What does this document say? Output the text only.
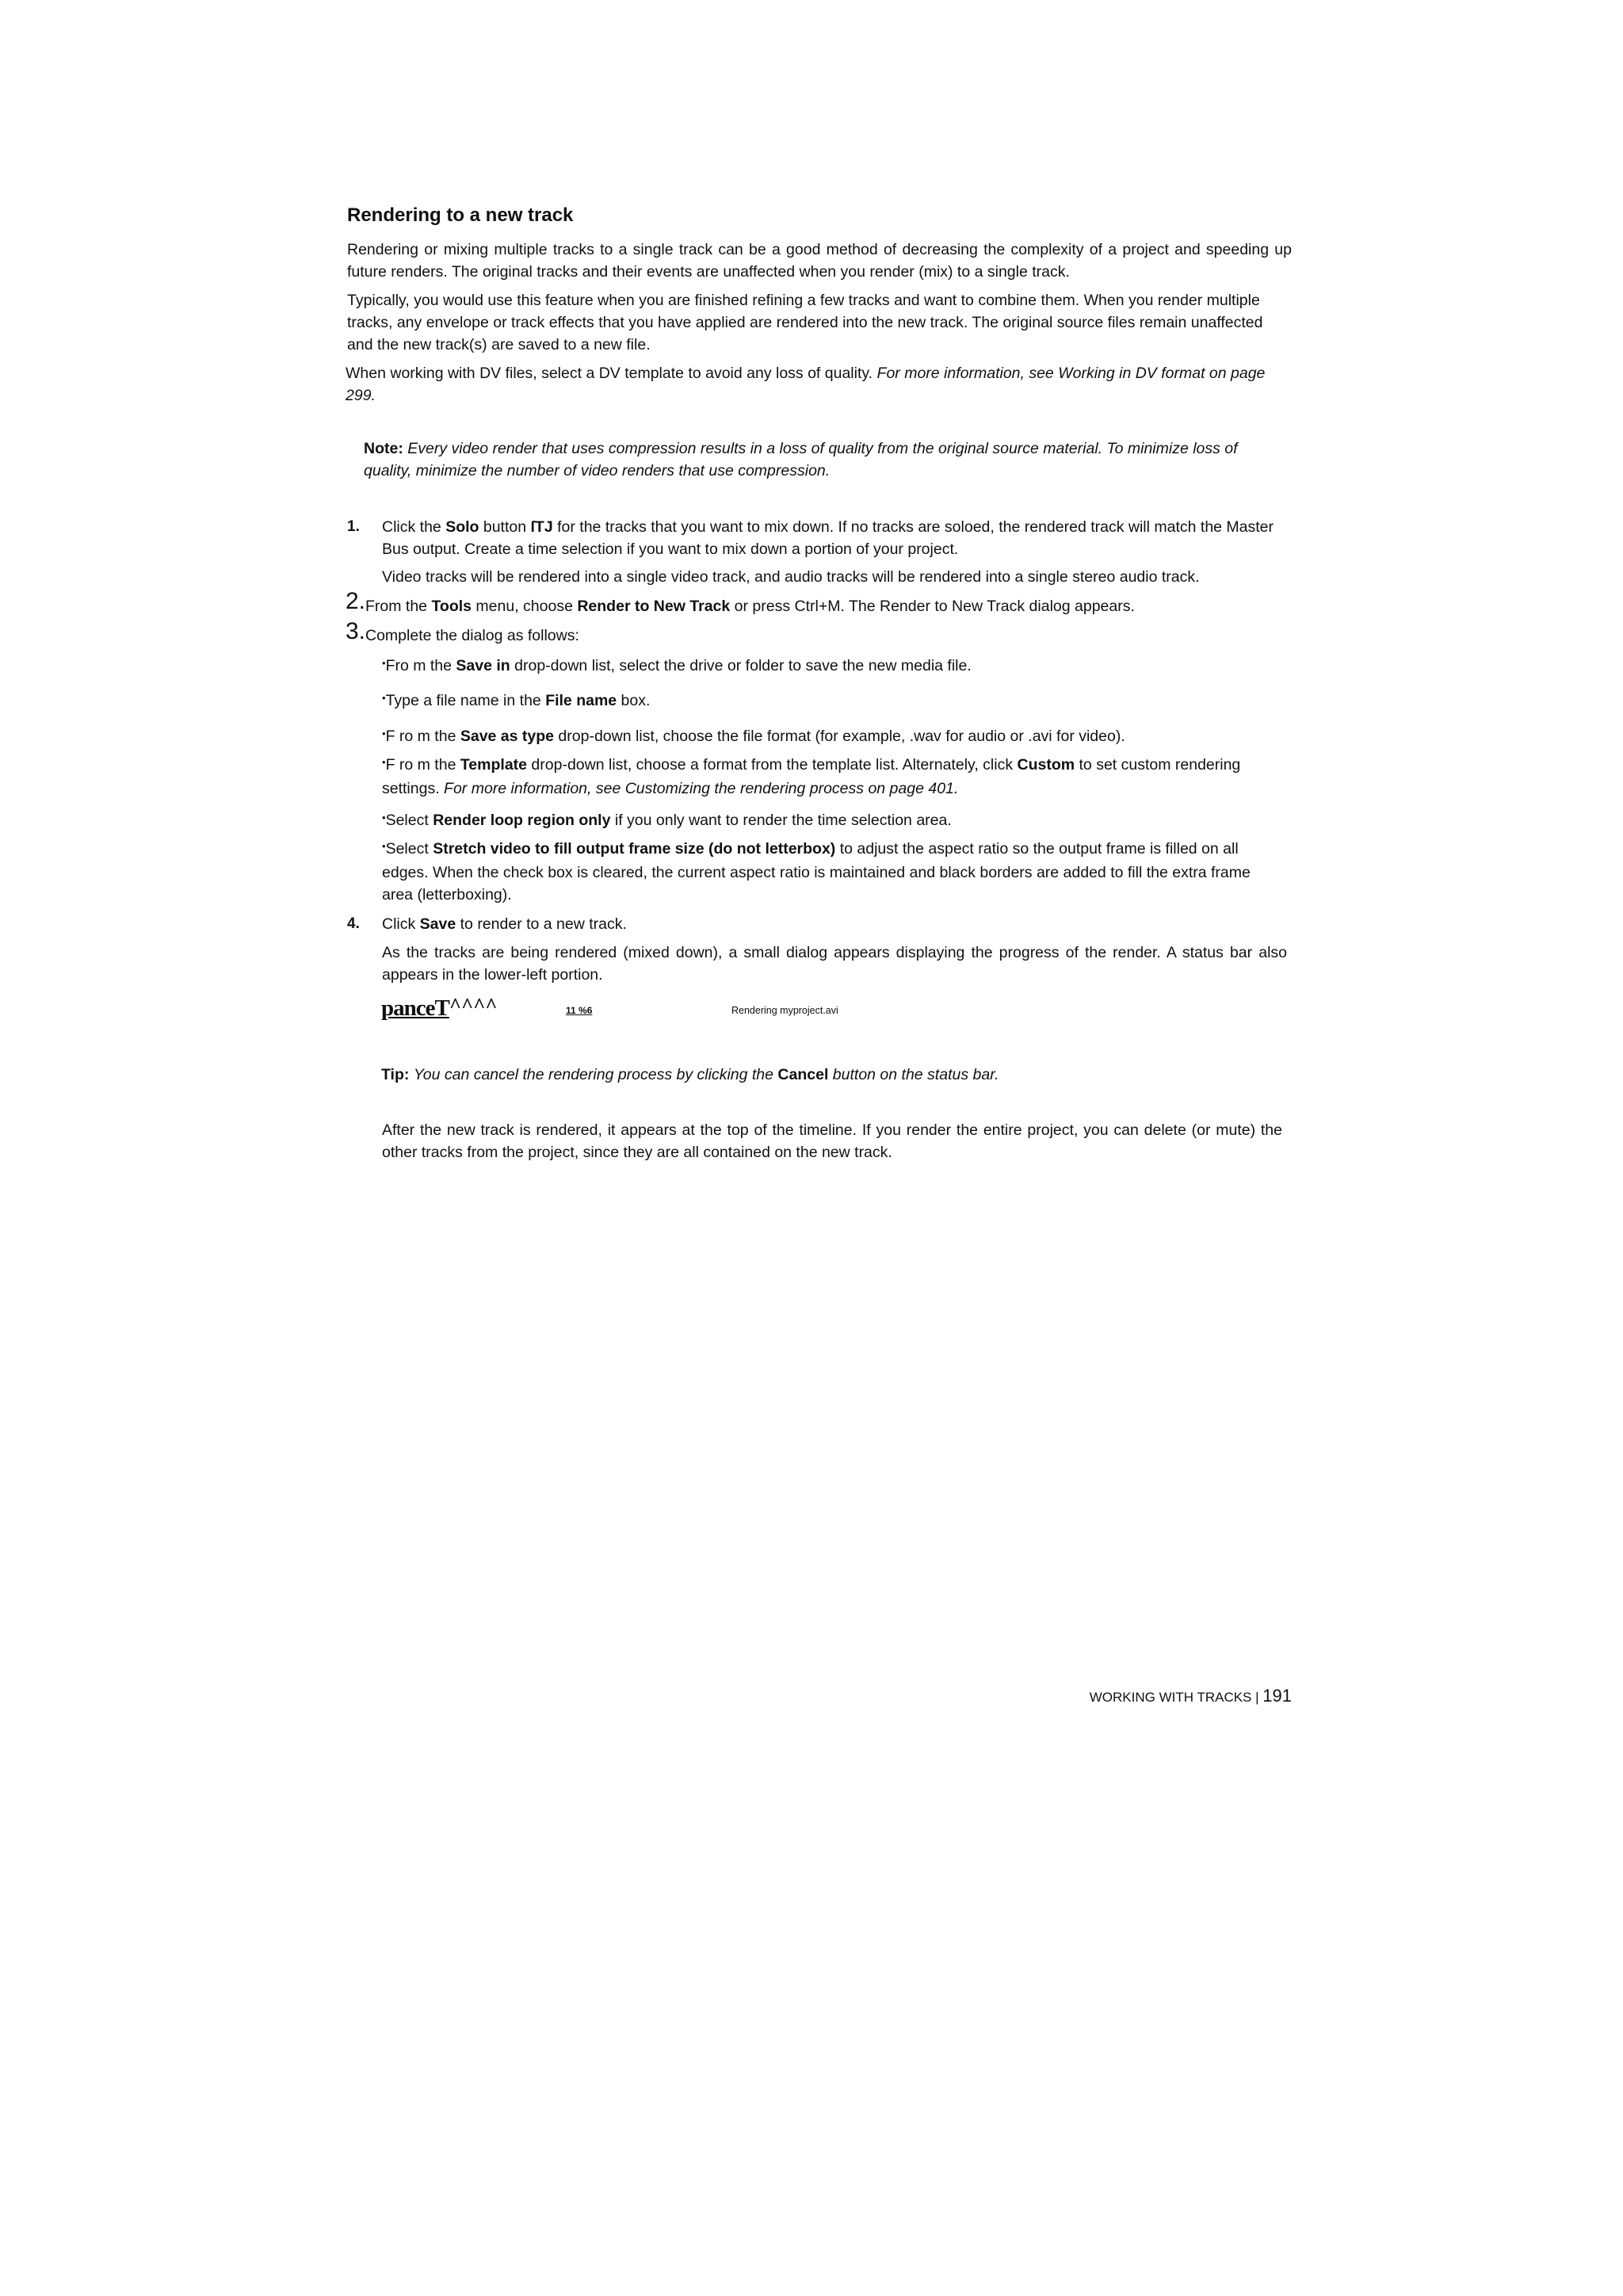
Rendering to a new track
Rendering or mixing multiple tracks to a single track can be a good method of decreasing the complexity of a project and speeding up future renders. The original tracks and their events are unaffected when you render (mix) to a single track.
Typically, you would use this feature when you are finished refining a few tracks and want to combine them. When you render multiple tracks, any envelope or track effects that you have applied are rendered into the new track. The original source files remain unaffected and the new track(s) are saved to a new file.
When working with DV files, select a DV template to avoid any loss of quality. For more information, see Working in DV format on page 299.
Note: Every video render that uses compression results in a loss of quality from the original source material. To minimize loss of quality, minimize the number of video renders that use compression.
1. Click the Solo button ſTJ for the tracks that you want to mix down. If no tracks are soloed, the rendered track will match the Master Bus output. Create a time selection if you want to mix down a portion of your project.
Video tracks will be rendered into a single video track, and audio tracks will be rendered into a single stereo audio track.
2. From the Tools menu, choose Render to New Track or press Ctrl+M. The Render to New Track dialog appears.
3. Complete the dialog as follows:
•Fro m the Save in drop-down list, select the drive or folder to save the new media file.
•Type a file name in the File name box.
•F ro m the Save as type drop-down list, choose the file format (for example, .wav for audio or .avi for video).
•F ro m the Template drop-down list, choose a format from the template list. Alternately, click Custom to set custom rendering settings. For more information, see Customizing the rendering process on page 401.
•Select Render loop region only if you only want to render the time selection area.
•Select Stretch video to fill output frame size (do not letterbox) to adjust the aspect ratio so the output frame is filled on all edges. When the check box is cleared, the current aspect ratio is maintained and black borders are added to fill the extra frame area (letterboxing).
4. Click Save to render to a new track.
As the tracks are being rendered (mixed down), a small dialog appears displaying the progress of the render. A status bar also appears in the lower-left portion.
panceT ^^^^	11 %6	Rendering myproject.avi
Tip: You can cancel the rendering process by clicking the Cancel button on the status bar.
After the new track is rendered, it appears at the top of the timeline. If you render the entire project, you can delete (or mute) the other tracks from the project, since they are all contained on the new track.
WORKING WITH TRACKS | 191
